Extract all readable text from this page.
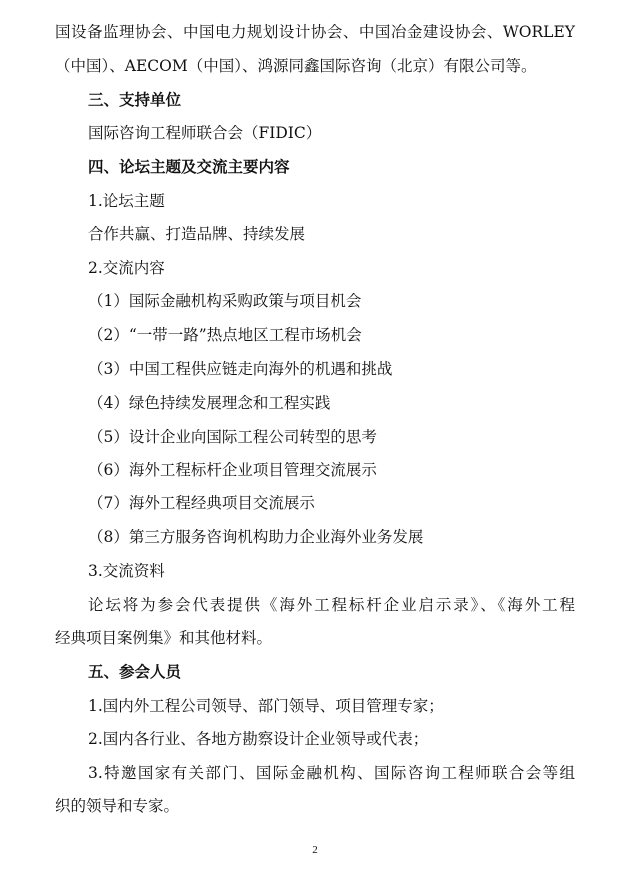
国设备监理协会、中国电力规划设计协会、中国冶金建设协会、WORLEY
（中国）、AECOM（中国）、鸿源同鑫国际咨询（北京）有限公司等。
三、支持单位
国际咨询工程师联合会（FIDIC）
四、论坛主题及交流主要内容
1.论坛主题
合作共赢、打造品牌、持续发展
2.交流内容
（1）国际金融机构采购政策与项目机会
（2）“一带一路”热点地区工程市场机会
（3）中国工程供应链走向海外的机遇和挑战
（4）绿色持续发展理念和工程实践
（5）设计企业向国际工程公司转型的思考
（6）海外工程标杆企业项目管理交流展示
（7）海外工程经典项目交流展示
（8）第三方服务咨询机构助力企业海外业务发展
3.交流资料
论坛将为参会代表提供《海外工程标杆企业启示录》、《海外工程
经典项目案例集》和其他材料。
五、参会人员
1.国内外工程公司领导、部门领导、项目管理专家；
2.国内各行业、各地方勘察设计企业领导或代表；
3.特邀国家有关部门、国际金融机构、国际咨询工程师联合会等组
织的领导和专家。
2
